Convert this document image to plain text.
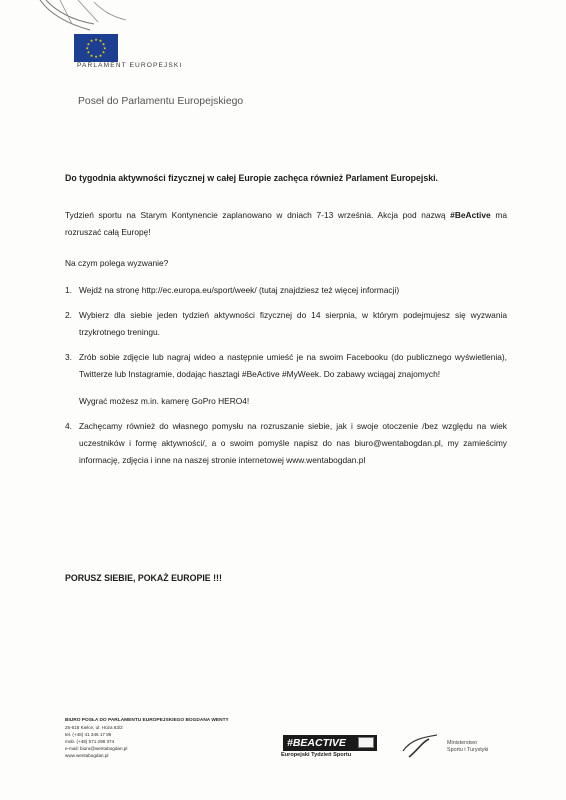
★ ★
★
★
★
★
★
★
★
★
★
★
PARLAMENT EUROPEJSKI
Poseł do Parlamentu Europejskiego
Do tygodnia aktywności fizycznej w całej Europie zachęca również Parlament Europejski.
Tydzień sportu na Starym Kontynencie zaplanowano w dniach 7-13 września. Akcja pod nazwą #BeActive ma rozruszać całą Europę!
Na czym polega wyzwanie?
1. Wejdź na stronę http://ec.europa.eu/sport/week/ (tutaj znajdziesz też więcej informacji)
2. Wybierz dla siebie jeden tydzień aktywności fizycznej do 14 sierpnia, w którym podejmujesz się wyzwania trzykrotnego treningu.
3. Zrób sobie zdjęcie lub nagraj wideo a następnie umieść je na swoim Facebooku (do publicznego wyświetlenia), Twitterze lub Instagramie, dodając hasztagi #BeActive #MyWeek. Do zabawy wciągaj znajomych!
Wygrać możesz m.in. kamerę GoPro HERO4!
4. Zachęcamy również do własnego pomysłu na rozruszanie siebie, jak i swoje otoczenie /bez względu na wiek uczestników i formę aktywności/, a o swoim pomyśle napisz do nas biuro@wentabogdan.pl, my zamieścimy informację, zdjęcia i inne na naszej stronie internetowej www.wentabogdan.pl
PORUSZ SIEBIE, POKAŻ EUROPIE !!!
BIURO POSŁA DO PARLAMENTU EUROPEJSKIEGO BOGDANA WENTY
25-618 Kielce, ul. Hoża 63/2
tel. (+48) 41 345 17 86
mob. (+48) 571 298 374
e-mail: biuro@wentabogdan.pl
www.wentabogdan.pl
#BEACTIVE
Europejski Tydzień Sportu
Ministerstwo
Sportu i Turystyki
